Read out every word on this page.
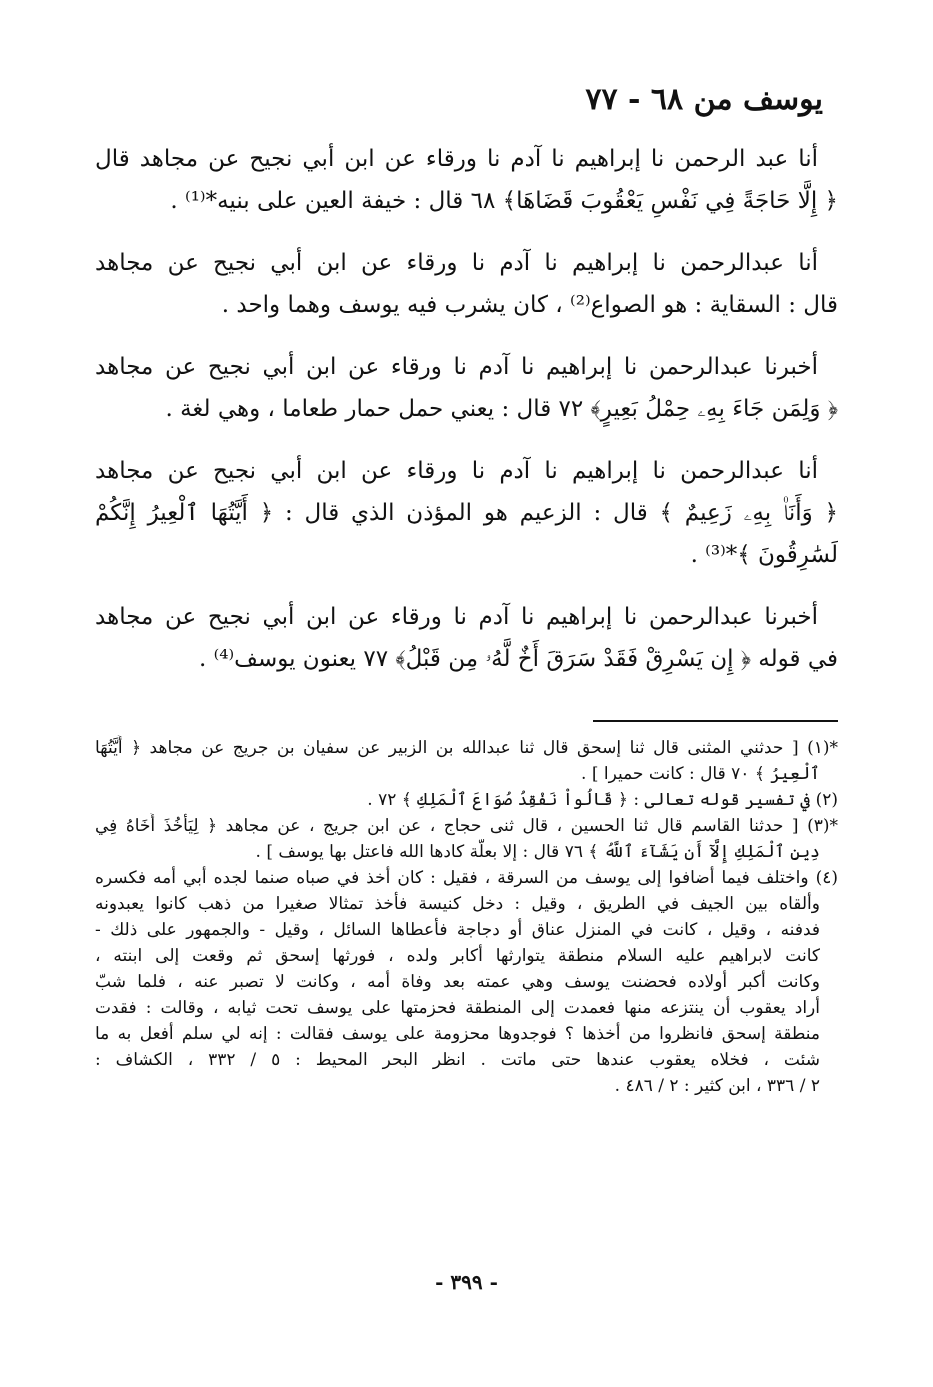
يوسف من ٦٨ - ٧٧
أنا عبد الرحمن نا إبراهيم نا آدم نا ورقاء عن ابن أبي نجيح عن مجاهد قال
﴿ إِلَّا حَاجَةً فِي نَفْسِ يَعْقُوبَ قَضَاهَا﴾ ٦٨ قال : خيفة العين على بنيه*⁽¹⁾ .
أنا عبدالرحمن نا إبراهيم نا آدم نا ورقاء عن ابن أبي نجيح عن مجاهد
قال : السقاية : هو الصواع⁽²⁾ ، كان يشرب فيه يوسف وهما واحد .
أخبرنا عبدالرحمن نا إبراهيم نا آدم نا ورقاء عن ابن أبي نجيح عن مجاهد
﴿ وَلِمَن جَاءَ بِهِۦ حِمْلُ بَعِيرٍ﴾ ٧٢ قال : يعني حمل حمار طعاما ، وهي لغة .
أنا عبدالرحمن نا إبراهيم نا آدم نا ورقاء عن ابن أبي نجيح عن مجاهد
﴿ وَأَنَا۠ بِهِۦ زَعِيمٌ ﴾ قال : الزعيم هو المؤذن الذي قال : ﴿ أَيَّتُهَا ٱلْعِيرُ إِنَّكُمْ
لَسَٰرِقُونَ ﴾*⁽³⁾ .
أخبرنا عبدالرحمن نا إبراهيم نا آدم نا ورقاء عن ابن أبي نجيح عن مجاهد
في قوله ﴿ إِن يَسْرِقْ فَقَدْ سَرَقَ أَخٌ لَّهُۥ مِن قَبْلُ﴾ ٧٧ يعنون يوسف⁽⁴⁾ .
*(١) [ حدثني المثنى قال ثنا إسحق قال ثنا عبدالله بن الزبير عن سفيان بن جريج عن مجاهد ﴿ أَيَّتُهَا
ٱلْعِيرُ ﴾ ٧٠ قال : كانت حميرا ] .
(٢) في تفسير قوله تعالى : ﴿ قَالُواْ نَفْقِدُ صُوَاعَ ٱلْمَلِكِ ﴾ ٧٢ .
*(٣) [ حدثنا القاسم قال ثنا الحسين ، قال ثنى حجاج ، عن ابن جريج ، عن مجاهد ﴿ لِيَأْخُذَ أَخَاهُ فِي
دِينِ ٱلْمَلِكِ إِلَّآ أَن يَشَآءَ ٱللَّهُ ﴾ ٧٦ قال : إلا بعلّة كادها الله فاعتل بها يوسف ] .
(٤) واختلف فيما أضافوا إلى يوسف من السرقة ، فقيل : كان أخذ في صباه صنما لجده أبي أمه فكسره
وألقاه بين الجيف في الطريق ، وقيل : دخل كنيسة فأخذ تمثالا صغيرا من ذهب كانوا يعبدونه
فدفنه ، وقيل ، كانت في المنزل عناق أو دجاجة فأعطاها السائل ، وقيل - والجمهور على ذلك -
كانت لابراهيم عليه السلام منطقة يتوارثها أكابر ولده ، فورثها إسحق ثم وقعت إلى ابنته ،
وكانت أكبر أولاده فحضنت يوسف وهي عمته بعد وفاة أمه ، وكانت لا تصبر عنه ، فلما شبّ
أراد يعقوب أن ينتزعه منها فعمدت إلى المنطقة فحزمتها على يوسف تحت ثيابه ، وقالت : فقدت
منطقة إسحق فانظروا من أخذها ؟ فوجدوها محزومة على يوسف فقالت : إنه لي سلم أفعل به ما
شئت ، فخلاه يعقوب عندها حتى ماتت . انظر البحر المحيط : ٥ / ٣٣٢ ، الكشاف :
٢ / ٣٣٦ ، ابن كثير : ٢ / ٤٨٦ .
- ٣٩٩ -
